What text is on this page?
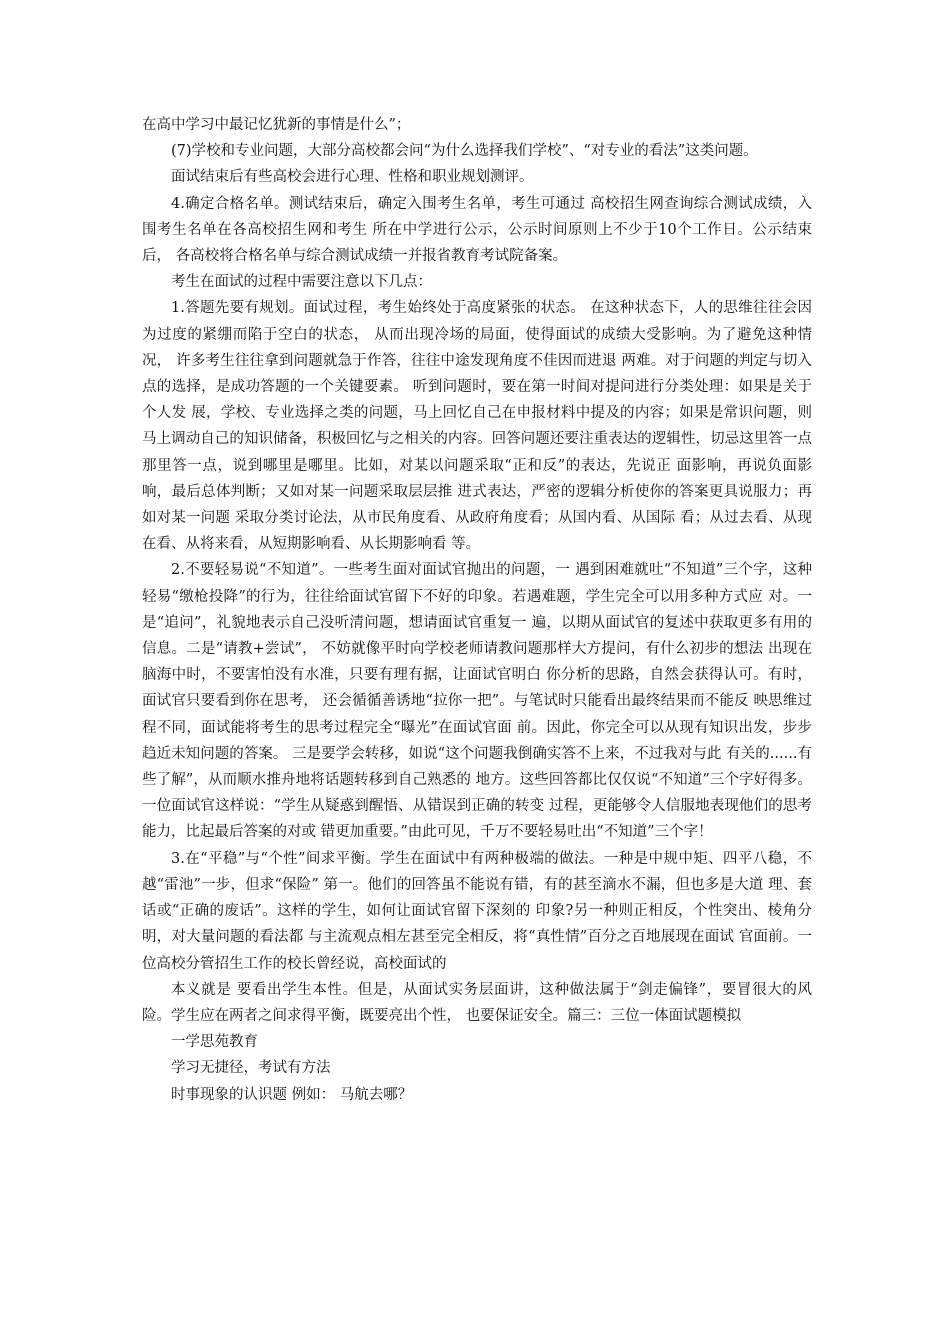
在高中学习中最记忆犹新的事情是什么”；

(7)学校和专业问题，大部分高校都会问“为什么选择我们学校”、“对专业的看法”这类问题。

面试结束后有些高校会进行心理、性格和职业规划测评。

4.确定合格名单。测试结束后，确定入围考生名单，考生可通过 高校招生网查询综合测试成绩，入围考生名单在各高校招生网和考生 所在中学进行公示，公示时间原则上不少于10个工作日。公示结束后， 各高校将合格名单与综合测试成绩一并报省教育考试院备案。

考生在面试的过程中需要注意以下几点：

1.答题先要有规划。面试过程，考生始终处于高度紧张的状态。 在这种状态下，人的思维往往会因为过度的紧绷而陷于空白的状态， 从而出现冷场的局面，使得面试的成绩大受影响。为了避免这种情况， 许多考生往往拿到问题就急于作答，往往中途发现角度不佳因而进退 两难。对于问题的判定与切入点的选择，是成功答题的一个关键要素。 听到问题时，要在第一时间对提问进行分类处理：如果是关于个人发 展，学校、专业选择之类的问题，马上回忆自己在申报材料中提及的内容；如果是常识问题，则马上调动自己的知识储备，积极回忆与之相关的内容。回答问题还要注重表达的逻辑性，切忌这里答一点那里答一点，说到哪里是哪里。比如，对某以问题采取“正和反”的表达，先说正 面影响，再说负面影响，最后总体判断；又如对某一问题采取层层推 进式表达，严密的逻辑分析使你的答案更具说服力；再如对某一问题 采取分类讨论法，从市民角度看、从政府角度看；从国内看、从国际 看；从过去看、从现在看、从将来看，从短期影响看、从长期影响看 等。

2.不要轻易说“不知道”。一些考生面对面试官抛出的问题，一 遇到困难就吐“不知道”三个字，这种轻易“缴枪投降”的行为，往往给面试官留下不好的印象。若遇难题，学生完全可以用多种方式应 对。一是“追问”，礼貌地表示自己没听清问题，想请面试官重复一 遍，以期从面试官的复述中获取更多有用的信息。二是“请教+尝试”， 不妨就像平时向学校老师请教问题那样大方提问，有什么初步的想法 出现在脑海中时，不要害怕没有水准，只要有理有据，让面试官明白 你分析的思路，自然会获得认可。有时，面试官只要看到你在思考， 还会循循善诱地“拉你一把”。与笔试时只能看出最终结果而不能反 映思维过程不同，面试能将考生的思考过程完全“曝光”在面试官面 前。因此，你完全可以从现有知识出发，步步趋近未知问题的答案。 三是要学会转移，如说“这个问题我倒确实答不上来，不过我对与此 有关的......有些了解”，从而顺水推舟地将话题转移到自己熟悉的 地方。这些回答都比仅仅说“不知道”三个字好得多。 一位面试官这样说：“学生从疑惑到醒悟、从错误到正确的转变 过程，更能够令人信服地表现他们的思考能力，比起最后答案的对或 错更加重要。”由此可见，千万不要轻易吐出“不知道”三个字！

3.在“平稳”与“个性”间求平衡。学生在面试中有两种极端的做法。一种是中规中矩、四平八稳，不越“雷池”一步，但求“保险” 第一。他们的回答虽不能说有错，有的甚至滴水不漏，但也多是大道 理、套话或“正确的废话”。这样的学生，如何让面试官留下深刻的 印象?另一种则正相反，个性突出、棱角分明，对大量问题的看法都 与主流观点相左甚至完全相反，将“真性情”百分之百地展现在面试 官面前。一位高校分管招生工作的校长曾经说，高校面试的

本义就是 要看出学生本性。但是，从面试实务层面讲，这种做法属于“剑走偏锋”，要冒很大的风险。学生应在两者之间求得平衡，既要亮出个性， 也要保证安全。篇三：三位一体面试题模拟

一学思苑教育

学习无捷径，考试有方法

时事现象的认识题 例如： 马航去哪？
